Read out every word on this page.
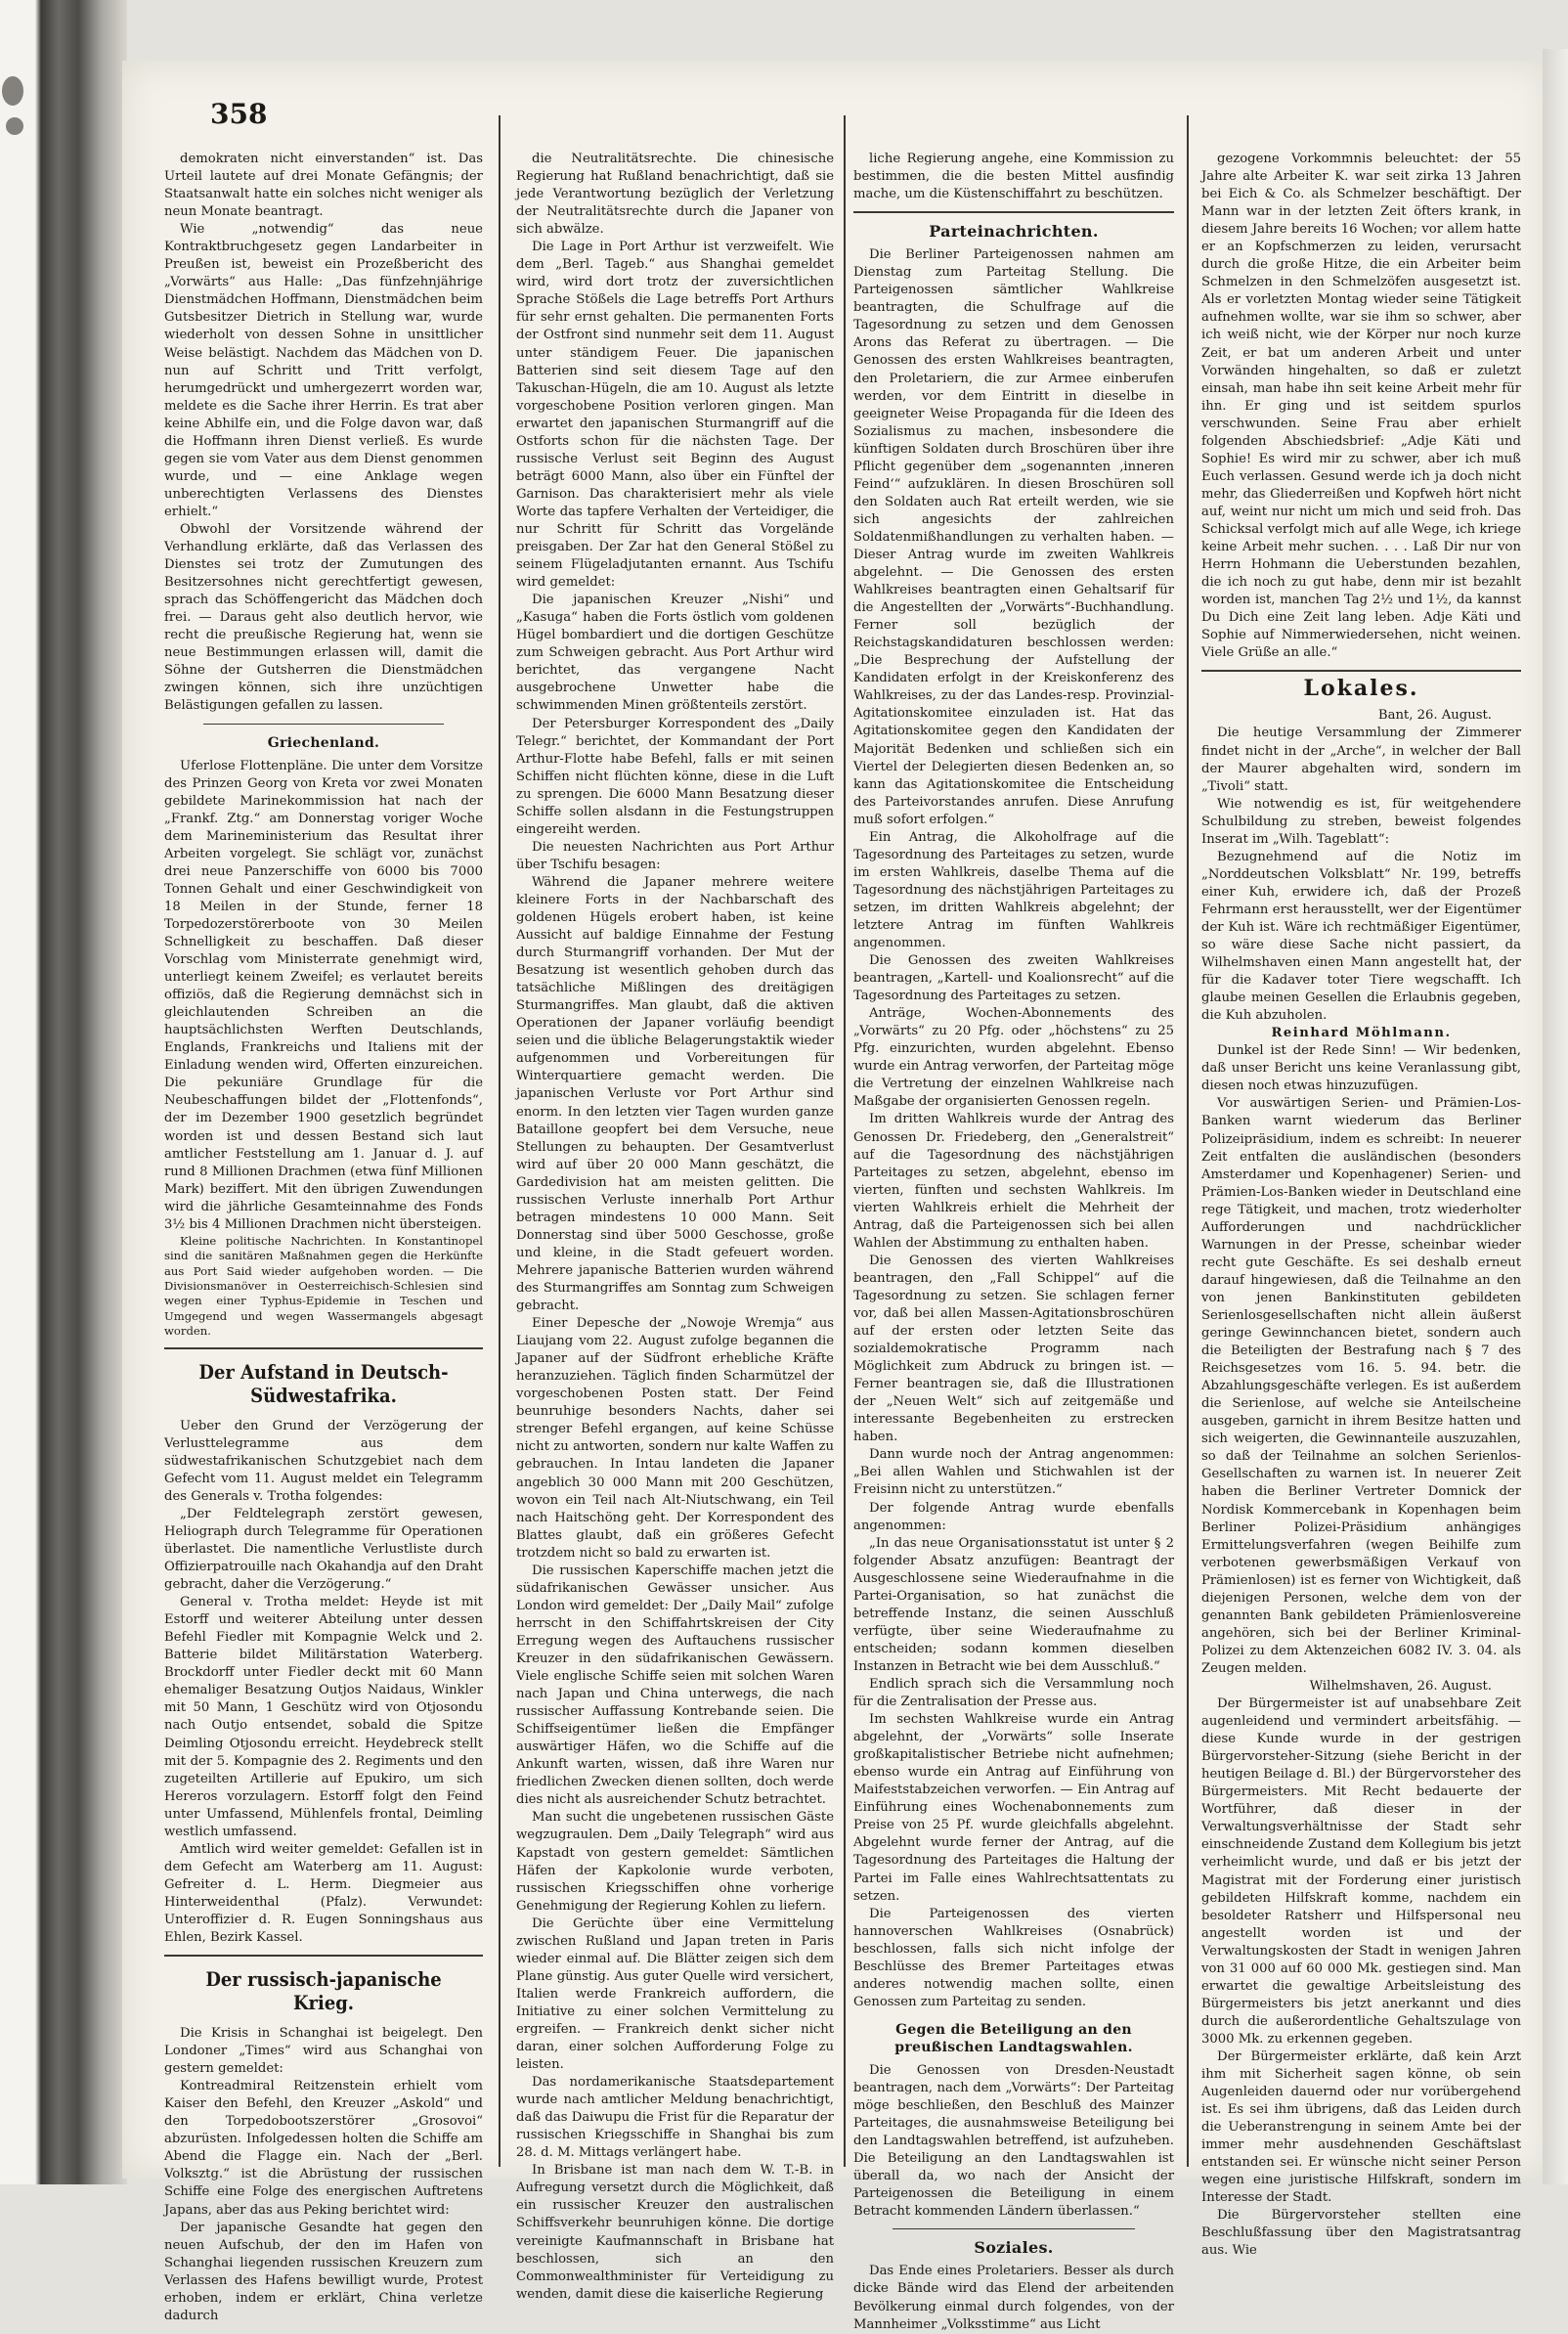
358

demokraten nicht einverstanden“ ist. Das Urteil lautete auf drei Monate Gefängnis; der Staatsanwalt hatte ein solches nicht weniger als neun Monate beantragt.

Wie „notwendig“ das neue Kontraktbruchgesetz gegen Landarbeiter in Preußen ist, beweist ein Prozeßbericht des „Vorwärts“ aus Halle: „Das fünfzehnjährige Dienstmädchen Hoffmann, Dienstmädchen beim Gutsbesitzer Dietrich in Stellung war, wurde wiederholt von dessen Sohne in unsittlicher Weise belästigt. Nachdem das Mädchen von D. nun auf Schritt und Tritt verfolgt, herumgedrückt und umhergezerrt worden war, meldete es die Sache ihrer Herrin. Es trat aber keine Abhilfe ein, und die Folge davon war, daß die Hoffmann ihren Dienst verließ. Es wurde gegen sie vom Vater aus dem Dienst genommen wurde, und — eine Anklage wegen unberechtigten Verlassens des Dienstes erhielt.“

Obwohl der Vorsitzende während der Verhandlung erklärte, daß das Verlassen des Dienstes sei trotz der Zumutungen des Besitzersohnes nicht gerechtfertigt gewesen, sprach das Schöffengericht das Mädchen doch frei. — Daraus geht also deutlich hervor, wie recht die preußische Regierung hat, wenn sie neue Bestimmungen erlassen will, damit die Söhne der Gutsherren die Dienstmädchen zwingen können, sich ihre unzüchtigen Belästigungen gefallen zu lassen.

Griechenland.

Uferlose Flottenpläne. Die unter dem Vorsitze des Prinzen Georg von Kreta vor zwei Monaten gebildete Marinekommission hat nach der „Frankf. Ztg.“ am Donnerstag voriger Woche dem Marineministerium das Resultat ihrer Arbeiten vorgelegt. Sie schlägt vor, zunächst drei neue Panzerschiffe von 6000 bis 7000 Tonnen Gehalt und einer Geschwindigkeit von 18 Meilen in der Stunde, ferner 18 Torpedozerstörerboote von 30 Meilen Schnelligkeit zu beschaffen. Daß dieser Vorschlag vom Ministerrate genehmigt wird, unterliegt keinem Zweifel; es verlautet bereits offiziös, daß die Regierung demnächst sich in gleichlautenden Schreiben an die hauptsächlichsten Werften Deutschlands, Englands, Frankreichs und Italiens mit der Einladung wenden wird, Offerten einzureichen. Die pekuniäre Grundlage für die Neubeschaffungen bildet der „Flottenfonds“, der im Dezember 1900 gesetzlich begründet worden ist und dessen Bestand sich laut amtlicher Feststellung am 1. Januar d. J. auf rund 8 Millionen Drachmen (etwa fünf Millionen Mark) beziffert. Mit den übrigen Zuwendungen wird die jährliche Gesamteinnahme des Fonds 3½ bis 4 Millionen Drachmen nicht übersteigen.

Kleine politische Nachrichten. In Konstantinopel sind die sanitären Maßnahmen gegen die Herkünfte aus Port Said wieder aufgehoben worden. — Die Divisionsmanöver in Oesterreichisch-Schlesien sind wegen einer Typhus-Epidemie in Teschen und Umgegend und wegen Wassermangels abgesagt worden.

Der Aufstand in Deutsch-Südwestafrika.

Ueber den Grund der Verzögerung der Verlusttelegramme aus dem südwestafrikanischen Schutzgebiet nach dem Gefecht vom 11. August meldet ein Telegramm des Generals v. Trotha folgendes:

„Der Feldtelegraph zerstört gewesen, Heliograph durch Telegramme für Operationen überlastet. Die namentliche Verlustliste durch Offizierpatrouille nach Okahandja auf den Draht gebracht, daher die Verzögerung.“

General v. Trotha meldet: Heyde ist mit Estorff und weiterer Abteilung unter dessen Befehl Fiedler mit Kompagnie Welck und 2. Batterie bildet Militärstation Waterberg. Brockdorff unter Fiedler deckt mit 60 Mann ehemaliger Besatzung Outjos Naidaus, Winkler mit 50 Mann, 1 Geschütz wird von Otjosondu nach Outjo entsendet, sobald die Spitze Deimling Otjosondu erreicht. Heydebreck stellt mit der 5. Kompagnie des 2. Regiments und den zugeteilten Artillerie auf Epukiro, um sich Hereros vorzulagern. Estorff folgt den Feind unter Umfassend, Mühlenfels frontal, Deimling westlich umfassend.

Amtlich wird weiter gemeldet: Gefallen ist in dem Gefecht am Waterberg am 11. August: Gefreiter d. L. Herm. Diegmeier aus Hinterweidenthal (Pfalz). Verwundet: Unteroffizier d. R. Eugen Sonningshaus aus Ehlen, Bezirk Kassel.

Der russisch-japanische Krieg.

Die Krisis in Schanghai ist beigelegt. Den Londoner „Times“ wird aus Schanghai von gestern gemeldet:

Kontreadmiral Reitzenstein erhielt vom Kaiser den Befehl, den Kreuzer „Askold“ und den Torpedobootszerstörer „Grosovoi“ abzurüsten. Infolgedessen holten die Schiffe am Abend die Flagge ein. Nach der „Berl. Volksztg.“ ist die Abrüstung der russischen Schiffe eine Folge des energischen Auftretens Japans, aber das aus Peking berichtet wird:

Der japanische Gesandte hat gegen den neuen Aufschub, der den im Hafen von Schanghai liegenden russischen Kreuzern zum Verlassen des Hafens bewilligt wurde, Protest erhoben, indem er erklärt, China verletze dadurch

die Neutralitätsrechte. Die chinesische Regierung hat Rußland benachrichtigt, daß sie jede Verantwortung bezüglich der Verletzung der Neutralitätsrechte durch die Japaner von sich abwälze.

Die Lage in Port Arthur ist verzweifelt. Wie dem „Berl. Tageb.“ aus Shanghai gemeldet wird, wird dort trotz der zuversichtlichen Sprache Stößels die Lage betreffs Port Arthurs für sehr ernst gehalten. Die permanenten Forts der Ostfront sind nunmehr seit dem 11. August unter ständigem Feuer. Die japanischen Batterien sind seit diesem Tage auf den Takuschan-Hügeln, die am 10. August als letzte vorgeschobene Position verloren gingen. Man erwartet den japanischen Sturmangriff auf die Ostforts schon für die nächsten Tage. Der russische Verlust seit Beginn des August beträgt 6000 Mann, also über ein Fünftel der Garnison. Das charakterisiert mehr als viele Worte das tapfere Verhalten der Verteidiger, die nur Schritt für Schritt das Vorgelände preisgaben. Der Zar hat den General Stößel zu seinem Flügeladjutanten ernannt. Aus Tschifu wird gemeldet:

Die japanischen Kreuzer „Nishi“ und „Kasuga“ haben die Forts östlich vom goldenen Hügel bombardiert und die dortigen Geschütze zum Schweigen gebracht. Aus Port Arthur wird berichtet, das vergangene Nacht ausgebrochene Unwetter habe die schwimmenden Minen größtenteils zerstört.

Der Petersburger Korrespondent des „Daily Telegr.“ berichtet, der Kommandant der Port Arthur-Flotte habe Befehl, falls er mit seinen Schiffen nicht flüchten könne, diese in die Luft zu sprengen. Die 6000 Mann Besatzung dieser Schiffe sollen alsdann in die Festungstruppen eingereiht werden.

Die neuesten Nachrichten aus Port Arthur über Tschifu besagen:

Während die Japaner mehrere weitere kleinere Forts in der Nachbarschaft des goldenen Hügels erobert haben, ist keine Aussicht auf baldige Einnahme der Festung durch Sturmangriff vorhanden. Der Mut der Besatzung ist wesentlich gehoben durch das tatsächliche Mißlingen des dreitägigen Sturmangriffes. Man glaubt, daß die aktiven Operationen der Japaner vorläufig beendigt seien und die übliche Belagerungstaktik wieder aufgenommen und Vorbereitungen für Winterquartiere gemacht werden. Die japanischen Verluste vor Port Arthur sind enorm. In den letzten vier Tagen wurden ganze Bataillone geopfert bei dem Versuche, neue Stellungen zu behaupten. Der Gesamtverlust wird auf über 20 000 Mann geschätzt, die Gardedivision hat am meisten gelitten. Die russischen Verluste innerhalb Port Arthur betragen mindestens 10 000 Mann. Seit Donnerstag sind über 5000 Geschosse, große und kleine, in die Stadt gefeuert worden. Mehrere japanische Batterien wurden während des Sturmangriffes am Sonntag zum Schweigen gebracht.

Einer Depesche der „Nowoje Wremja“ aus Liaujang vom 22. August zufolge begannen die Japaner auf der Südfront erhebliche Kräfte heranzuziehen. Täglich finden Scharmützel der vorgeschobenen Posten statt. Der Feind beunruhige besonders Nachts, daher sei strenger Befehl ergangen, auf keine Schüsse nicht zu antworten, sondern nur kalte Waffen zu gebrauchen. In Intau landeten die Japaner angeblich 30 000 Mann mit 200 Geschützen, wovon ein Teil nach Alt-Niutschwang, ein Teil nach Haitschöng geht. Der Korrespondent des Blattes glaubt, daß ein größeres Gefecht trotzdem nicht so bald zu erwarten ist.

Die russischen Kaperschiffe machen jetzt die südafrikanischen Gewässer unsicher. Aus London wird gemeldet: Der „Daily Mail“ zufolge herrscht in den Schiffahrtskreisen der City Erregung wegen des Auftauchens russischer Kreuzer in den südafrikanischen Gewässern. Viele englische Schiffe seien mit solchen Waren nach Japan und China unterwegs, die nach russischer Auffassung Kontrebande seien. Die Schiffseigentümer ließen die Empfänger auswärtiger Häfen, wo die Schiffe auf die Ankunft warten, wissen, daß ihre Waren nur friedlichen Zwecken dienen sollten, doch werde dies nicht als ausreichender Schutz betrachtet.

Man sucht die ungebetenen russischen Gäste wegzugraulen. Dem „Daily Telegraph“ wird aus Kapstadt von gestern gemeldet: Sämtlichen Häfen der Kapkolonie wurde verboten, russischen Kriegsschiffen ohne vorherige Genehmigung der Regierung Kohlen zu liefern.

Die Gerüchte über eine Vermittelung zwischen Rußland und Japan treten in Paris wieder einmal auf. Die Blätter zeigen sich dem Plane günstig. Aus guter Quelle wird versichert, Italien werde Frankreich auffordern, die Initiative zu einer solchen Vermittelung zu ergreifen. — Frankreich denkt sicher nicht daran, einer solchen Aufforderung Folge zu leisten.

Das nordamerikanische Staatsdepartement wurde nach amtlicher Meldung benachrichtigt, daß das Daiwupu die Frist für die Reparatur der russischen Kriegsschiffe in Shanghai bis zum 28. d. M. Mittags verlängert habe.

In Brisbane ist man nach dem W. T.-B. in Aufregung versetzt durch die Möglichkeit, daß ein russischer Kreuzer den australischen Schiffsverkehr beunruhigen könne. Die dortige vereinigte Kaufmannschaft in Brisbane hat beschlossen, sich an den Commonwealthminister für Verteidigung zu wenden, damit diese die kaiserliche Regierung

liche Regierung angehe, eine Kommission zu bestimmen, die die besten Mittel ausfindig mache, um die Küstenschiffahrt zu beschützen.

Parteinachrichten.

Die Berliner Parteigenossen nahmen am Dienstag zum Parteitag Stellung. Die Parteigenossen sämtlicher Wahlkreise beantragten, die Schulfrage auf die Tagesordnung zu setzen und dem Genossen Arons das Referat zu übertragen. — Die Genossen des ersten Wahlkreises beantragten, den Proletariern, die zur Armee einberufen werden, vor dem Eintritt in dieselbe in geeigneter Weise Propaganda für die Ideen des Sozialismus zu machen, insbesondere die künftigen Soldaten durch Broschüren über ihre Pflicht gegenüber dem „sogenannten ‚inneren Feind‘“ aufzuklären. In diesen Broschüren soll den Soldaten auch Rat erteilt werden, wie sie sich angesichts der zahlreichen Soldatenmißhandlungen zu verhalten haben. — Dieser Antrag wurde im zweiten Wahlkreis abgelehnt. — Die Genossen des ersten Wahlkreises beantragten einen Gehaltsarif für die Angestellten der „Vorwärts“-Buchhandlung. Ferner soll bezüglich der Reichstagskandidaturen beschlossen werden: „Die Besprechung der Aufstellung der Kandidaten erfolgt in der Kreiskonferenz des Wahlkreises, zu der das Landes-resp. Provinzial-Agitationskomitee einzuladen ist. Hat das Agitationskomitee gegen den Kandidaten der Majorität Bedenken und schließen sich ein Viertel der Delegierten diesen Bedenken an, so kann das Agitationskomitee die Entscheidung des Parteivorstandes anrufen. Diese Anrufung muß sofort erfolgen.“

Ein Antrag, die Alkoholfrage auf die Tagesordnung des Parteitages zu setzen, wurde im ersten Wahlkreis, daselbe Thema auf die Tagesordnung des nächstjährigen Parteitages zu setzen, im dritten Wahlkreis abgelehnt; der letztere Antrag im fünften Wahlkreis angenommen.

Die Genossen des zweiten Wahlkreises beantragen, „Kartell- und Koalionsrecht“ auf die Tagesordnung des Parteitages zu setzen.

Anträge, Wochen-Abonnements des „Vorwärts“ zu 20 Pfg. oder „höchstens“ zu 25 Pfg. einzurichten, wurden abgelehnt. Ebenso wurde ein Antrag verworfen, der Parteitag möge die Vertretung der einzelnen Wahlkreise nach Maßgabe der organisierten Genossen regeln.

Im dritten Wahlkreis wurde der Antrag des Genossen Dr. Friedeberg, den „Generalstreit“ auf die Tagesordnung des nächstjährigen Parteitages zu setzen, abgelehnt, ebenso im vierten, fünften und sechsten Wahlkreis. Im vierten Wahlkreis erhielt die Mehrheit der Antrag, daß die Parteigenossen sich bei allen Wahlen der Abstimmung zu enthalten haben.

Die Genossen des vierten Wahlkreises beantragen, den „Fall Schippel“ auf die Tagesordnung zu setzen. Sie schlagen ferner vor, daß bei allen Massen-Agitationsbroschüren auf der ersten oder letzten Seite das sozialdemokratische Programm nach Möglichkeit zum Abdruck zu bringen ist. — Ferner beantragen sie, daß die Illustrationen der „Neuen Welt“ sich auf zeitgemäße und interessante Begebenheiten zu erstrecken haben.

Dann wurde noch der Antrag angenommen: „Bei allen Wahlen und Stichwahlen ist der Freisinn nicht zu unterstützen.“

Der folgende Antrag wurde ebenfalls angenommen:

„In das neue Organisationsstatut ist unter § 2 folgender Absatz anzufügen: Beantragt der Ausgeschlossene seine Wiederaufnahme in die Partei-Organisation, so hat zunächst die betreffende Instanz, die seinen Ausschluß verfügte, über seine Wiederaufnahme zu entscheiden; sodann kommen dieselben Instanzen in Betracht wie bei dem Ausschluß.“

Endlich sprach sich die Versammlung noch für die Zentralisation der Presse aus.

Im sechsten Wahlkreise wurde ein Antrag abgelehnt, der „Vorwärts“ solle Inserate großkapitalistischer Betriebe nicht aufnehmen; ebenso wurde ein Antrag auf Einführung von Maifeststabzeichen verworfen. — Ein Antrag auf Einführung eines Wochenabonnements zum Preise von 25 Pf. wurde gleichfalls abgelehnt. Abgelehnt wurde ferner der Antrag, auf die Tagesordnung des Parteitages die Haltung der Partei im Falle eines Wahlrechtsattentats zu setzen.

Die Parteigenossen des vierten hannoverschen Wahlkreises (Osnabrück) beschlossen, falls sich nicht infolge der Beschlüsse des Bremer Parteitages etwas anderes notwendig machen sollte, einen Genossen zum Parteitag zu senden.

Gegen die Beteiligung an den preußischen Landtagswahlen.

Die Genossen von Dresden-Neustadt beantragen, nach dem „Vorwärts“: Der Parteitag möge beschließen, den Beschluß des Mainzer Parteitages, die ausnahmsweise Beteiligung bei den Landtagswahlen betreffend, ist aufzuheben. Die Beteiligung an den Landtagswahlen ist überall da, wo nach der Ansicht der Parteigenossen die Beteiligung in einem Betracht kommenden Ländern überlassen.“

Soziales.

Das Ende eines Proletariers. Besser als durch dicke Bände wird das Elend der arbeitenden Bevölkerung einmal durch folgendes, von der Mannheimer „Volksstimme“ aus Licht

gezogene Vorkommnis beleuchtet: der 55 Jahre alte Arbeiter K. war seit zirka 13 Jahren bei Eich & Co. als Schmelzer beschäftigt. Der Mann war in der letzten Zeit öfters krank, in diesem Jahre bereits 16 Wochen; vor allem hatte er an Kopfschmerzen zu leiden, verursacht durch die große Hitze, die ein Arbeiter beim Schmelzen in den Schmelzöfen ausgesetzt ist. Als er vorletzten Montag wieder seine Tätigkeit aufnehmen wollte, war sie ihm so schwer, aber ich weiß nicht, wie der Körper nur noch kurze Zeit, er bat um anderen Arbeit und unter Vorwänden hingehalten, so daß er zuletzt einsah, man habe ihn seit keine Arbeit mehr für ihn. Er ging und ist seitdem spurlos verschwunden. Seine Frau aber erhielt folgenden Abschiedsbrief: „Adje Käti und Sophie! Es wird mir zu schwer, aber ich muß Euch verlassen. Gesund werde ich ja doch nicht mehr, das Gliederreißen und Kopfweh hört nicht auf, weint nur nicht um mich und seid froh. Das Schicksal verfolgt mich auf alle Wege, ich kriege keine Arbeit mehr suchen. . . . Laß Dir nur von Herrn Hohmann die Ueberstunden bezahlen, die ich noch zu gut habe, denn mir ist bezahlt worden ist, manchen Tag 2½ und 1½, da kannst Du Dich eine Zeit lang leben. Adje Käti und Sophie auf Nimmerwiedersehen, nicht weinen. Viele Grüße an alle.“

Lokales.
Bant, 26. August.

Die heutige Versammlung der Zimmerer findet nicht in der „Arche“, in welcher der Ball der Maurer abgehalten wird, sondern im „Tivoli“ statt.

Wie notwendig es ist, für weitgehendere Schulbildung zu streben, beweist folgendes Inserat im „Wilh. Tageblatt“:

Bezugnehmend auf die Notiz im „Norddeutschen Volksblatt“ Nr. 199, betreffs einer Kuh, erwidere ich, daß der Prozeß Fehrmann erst herausstellt, wer der Eigentümer der Kuh ist. Wäre ich rechtmäßiger Eigentümer, so wäre diese Sache nicht passiert, da Wilhelmshaven einen Mann angestellt hat, der für die Kadaver toter Tiere wegschafft. Ich glaube meinen Gesellen die Erlaubnis gegeben, die Kuh abzuholen.

Reinhard Möhlmann.

Dunkel ist der Rede Sinn! — Wir bedenken, daß unser Bericht uns keine Veranlassung gibt, diesen noch etwas hinzuzufügen.

Vor auswärtigen Serien- und Prämien-Los-Banken warnt wiederum das Berliner Polizeipräsidium, indem es schreibt: In neuerer Zeit entfalten die ausländischen (besonders Amsterdamer und Kopenhagener) Serien- und Prämien-Los-Banken wieder in Deutschland eine rege Tätigkeit, und machen, trotz wiederholter Aufforderungen und nachdrücklicher Warnungen in der Presse, scheinbar wieder recht gute Geschäfte. Es sei deshalb erneut darauf hingewiesen, daß die Teilnahme an den von jenen Bankinstituten gebildeten Serienlosgesellschaften nicht allein äußerst geringe Gewinnchancen bietet, sondern auch die Beteiligten der Bestrafung nach § 7 des Reichsgesetzes vom 16. 5. 94. betr. die Abzahlungsgeschäfte verlegen. Es ist außerdem die Serienlose, auf welche sie Anteilscheine ausgeben, garnicht in ihrem Besitze hatten und sich weigerten, die Gewinnanteile auszuzahlen, so daß der Teilnahme an solchen Serienlos-Gesellschaften zu warnen ist. In neuerer Zeit haben die Berliner Vertreter Domnick der Nordisk Kommercebank in Kopenhagen beim Berliner Polizei-Präsidium anhängiges Ermittelungsverfahren (wegen Beihilfe zum verbotenen gewerbsmäßigen Verkauf von Prämienlosen) ist es ferner von Wichtigkeit, daß diejenigen Personen, welche dem von der genannten Bank gebildeten Prämienlosvereine angehören, sich bei der Berliner Kriminal-Polizei zu dem Aktenzeichen 6082 IV. 3. 04. als Zeugen melden.

Wilhelmshaven, 26. August.

Der Bürgermeister ist auf unabsehbare Zeit augenleidend und vermindert arbeitsfähig. — diese Kunde wurde in der gestrigen Bürgervorsteher-Sitzung (siehe Bericht in der heutigen Beilage d. Bl.) der Bürgervorsteher des Bürgermeisters. Mit Recht bedauerte der Wortführer, daß dieser in der Verwaltungsverhältnisse der Stadt sehr einschneidende Zustand dem Kollegium bis jetzt verheimlicht wurde, und daß er bis jetzt der Magistrat mit der Forderung einer juristisch gebildeten Hilfskraft komme, nachdem ein besoldeter Ratsherr und Hilfspersonal neu angestellt worden ist und der Verwaltungskosten der Stadt in wenigen Jahren von 31 000 auf 60 000 Mk. gestiegen sind. Man erwartet die gewaltige Arbeitsleistung des Bürgermeisters bis jetzt anerkannt und dies durch die außerordentliche Gehaltszulage von 3000 Mk. zu erkennen gegeben.

Der Bürgermeister erklärte, daß kein Arzt ihm mit Sicherheit sagen könne, ob sein Augenleiden dauernd oder nur vorübergehend ist. Es sei ihm übrigens, daß das Leiden durch die Ueberanstrengung in seinem Amte bei der immer mehr ausdehnenden Geschäftslast entstanden sei. Er wünsche nicht seiner Person wegen eine juristische Hilfskraft, sondern im Interesse der Stadt.

Die Bürgervorsteher stellten eine Beschlußfassung über den Magistratsantrag aus. Wie
